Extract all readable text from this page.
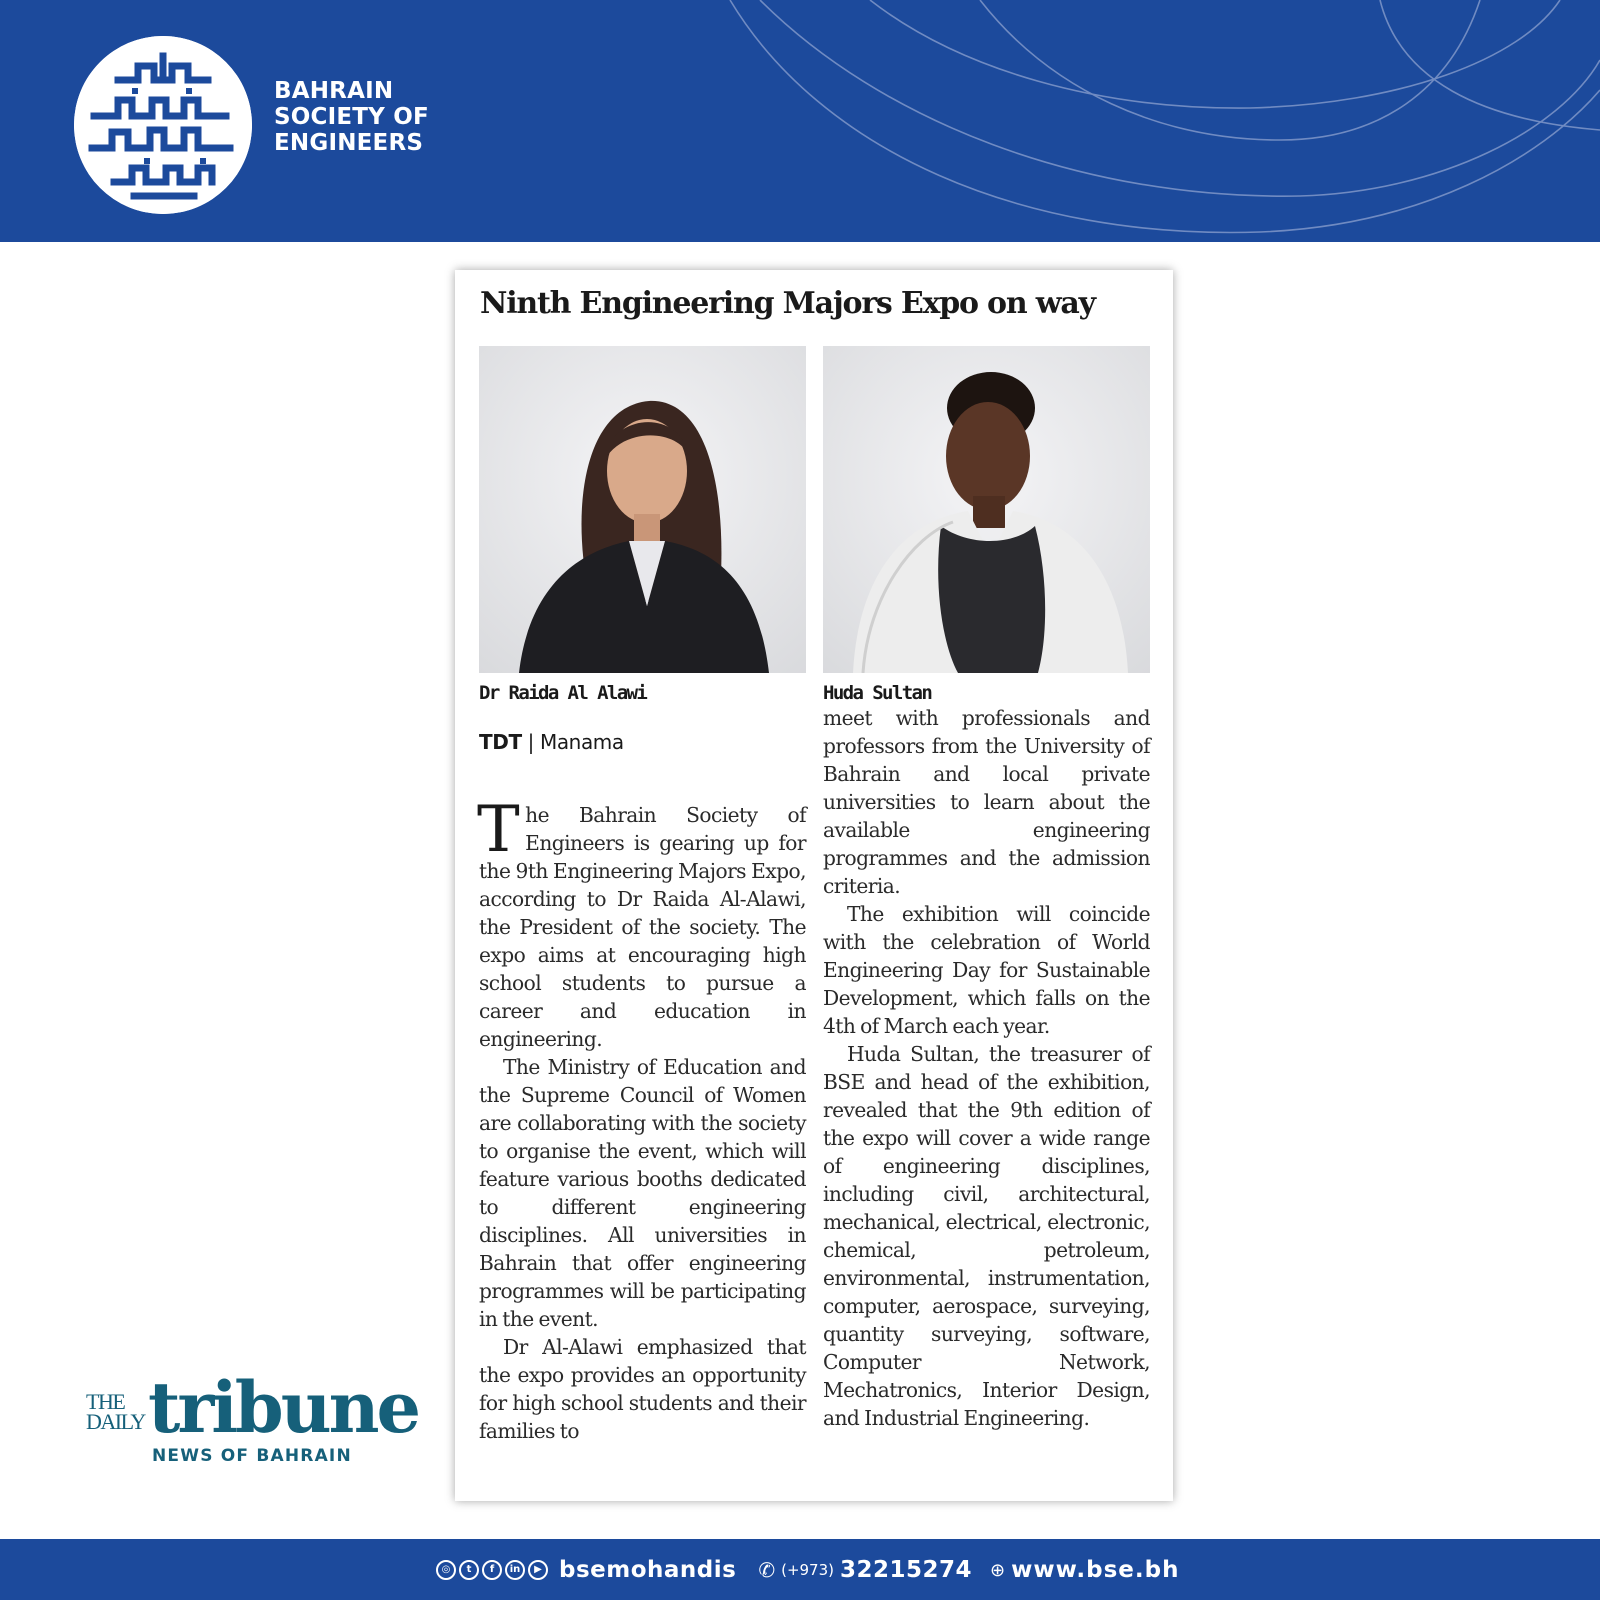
BAHRAIN
SOCIETY OF
ENGINEERS
Ninth Engineering Majors Expo on way
Dr Raida Al Alawi	Huda Sultan
TDT | Manama

The Bahrain Society of Engineers is gearing up for the 9th Engineering Majors Expo, according to Dr Raida Al-Alawi, the President of the society. The expo aims at encouraging high school students to pursue a career and education in engineering.

The Ministry of Education and the Supreme Council of Women are collaborating with the society to organise the event, which will feature various booths dedicated to different engineering disciplines. All universities in Bahrain that offer engineering programmes will be participating in the event.

Dr Al-Alawi emphasized that the expo provides an opportunity for high school students and their families to

meet with professionals and professors from the University of Bahrain and local private universities to learn about the available engineering programmes and the admission criteria.

The exhibition will coincide with the celebration of World Engineering Day for Sustainable Development, which falls on the 4th of March each year.

Huda Sultan, the treasurer of BSE and head of the exhibition, revealed that the 9th edition of the expo will cover a wide range of engineering disciplines, including civil, architectural, mechanical, electrical, electronic, chemical, petroleum, environmental, instrumentation, computer, aerospace, surveying, quantity surveying, software, Computer Network, Mechatronics, Interior Design, and Industrial Engineering.

THE
DAILY tribune
NEWS OF BAHRAIN
◎	t	f	in	▶ bsemohandis ✆ (+973) 32215274 ⊕ www.bse.bh
